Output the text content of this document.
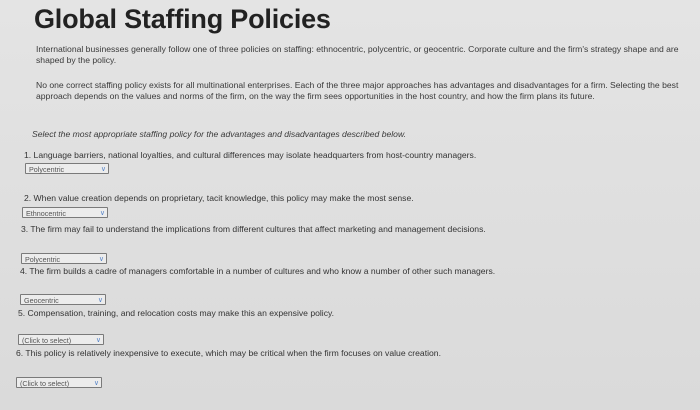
Global Staffing Policies
International businesses generally follow one of three policies on staffing: ethnocentric, polycentric, or geocentric. Corporate culture and the firm's strategy shape and are shaped by the policy.
No one correct staffing policy exists for all multinational enterprises. Each of the three major approaches has advantages and disadvantages for a firm. Selecting the best approach depends on the values and norms of the firm, on the way the firm sees opportunities in the host country, and how the firm plans its future.
Select the most appropriate staffing policy for the advantages and disadvantages described below.
1. Language barriers, national loyalties, and cultural differences may isolate headquarters from host-country managers.
Polycentric	∨
2. When value creation depends on proprietary, tacit knowledge, this policy may make the most sense.
Ethnocentric	∨
3. The firm may fail to understand the implications from different cultures that affect marketing and management decisions.
Polycentric	∨
4. The firm builds a cadre of managers comfortable in a number of cultures and who know a number of other such managers.
Geocentric	∨
5. Compensation, training, and relocation costs may make this an expensive policy.
(Click to select)	∨
6. This policy is relatively inexpensive to execute, which may be critical when the firm focuses on value creation.
(Click to select)	∨
